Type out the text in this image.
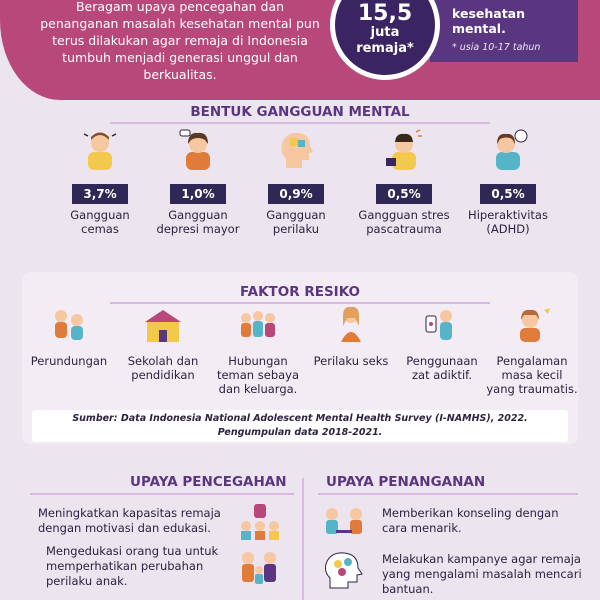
Beragam upaya pencegahan dan penanganan masalah kesehatan mental pun terus dilakukan agar remaja di Indonesia tumbuh menjadi generasi unggul dan berkualitas.
kesehatan mental.
* usia 10-17 tahun
15,5
juta
remaja*
BENTUK GANGGUAN MENTAL
3,7%
Gangguan cemas
1,0%
Gangguan depresi mayor
0,9%
Gangguan perilaku
0,5%
Gangguan stres pascatrauma
0,5%
Hiperaktivitas (ADHD)
FAKTOR RESIKO
Perundungan	Sekolah dan pendidikan
Hubungan teman sebaya dan keluarga.
Perilaku seks	Penggunaan zat adiktif.
Pengalaman masa kecil yang traumatis.
Sumber: Data Indonesia National Adolescent Mental Health Survey (I-NAMHS), 2022.
Pengumpulan data 2018-2021.
UPAYA PENCEGAHAN
Meningkatkan kapasitas remaja dengan motivasi dan edukasi.
Mengedukasi orang tua untuk memperhatikan perubahan perilaku anak.
UPAYA PENANGANAN
Memberikan konseling dengan cara menarik.
Melakukan kampanye agar remaja yang mengalami masalah mencari bantuan.
